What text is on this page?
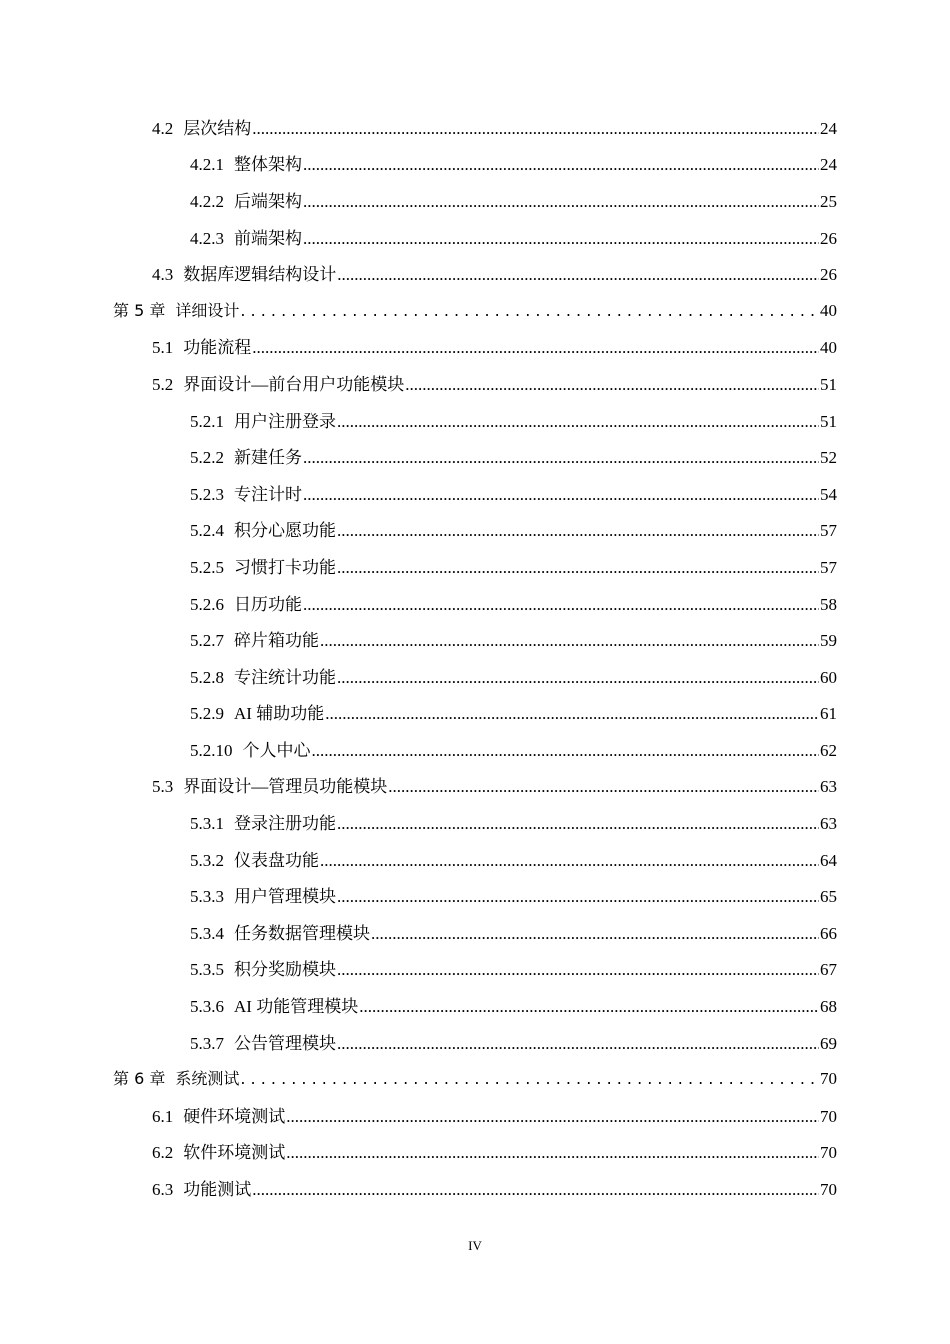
4.2 层次结构 .....	24
4.2.1 整体架构 .....	24
4.2.2 后端架构 .....	25
4.2.3 前端架构 .....	26
4.3 数据库逻辑结构设计 .....	26
第 5 章 详细设计 . . .	40
5.1 功能流程 .....	40
5.2 界面设计—前台用户功能模块 .....	51
5.2.1 用户注册登录 .....	51
5.2.2 新建任务 .....	52
5.2.3 专注计时 .....	54
5.2.4 积分心愿功能 .....	57
5.2.5 习惯打卡功能 .....	57
5.2.6 日历功能 .....	58
5.2.7 碎片箱功能 .....	59
5.2.8 专注统计功能 .....	60
5.2.9 AI 辅助功能 .....	61
5.2.10 个人中心 .....	62
5.3 界面设计—管理员功能模块 .....	63
5.3.1 登录注册功能 .....	63
5.3.2 仪表盘功能 .....	64
5.3.3 用户管理模块 .....	65
5.3.4 任务数据管理模块 .....	66
5.3.5 积分奖励模块 .....	67
5.3.6 AI 功能管理模块 .....	68
5.3.7 公告管理模块 .....	69
第 6 章 系统测试 . . .	70
6.1 硬件环境测试 .....	70
6.2 软件环境测试 .....	70
6.3 功能测试 .....	70
IV
